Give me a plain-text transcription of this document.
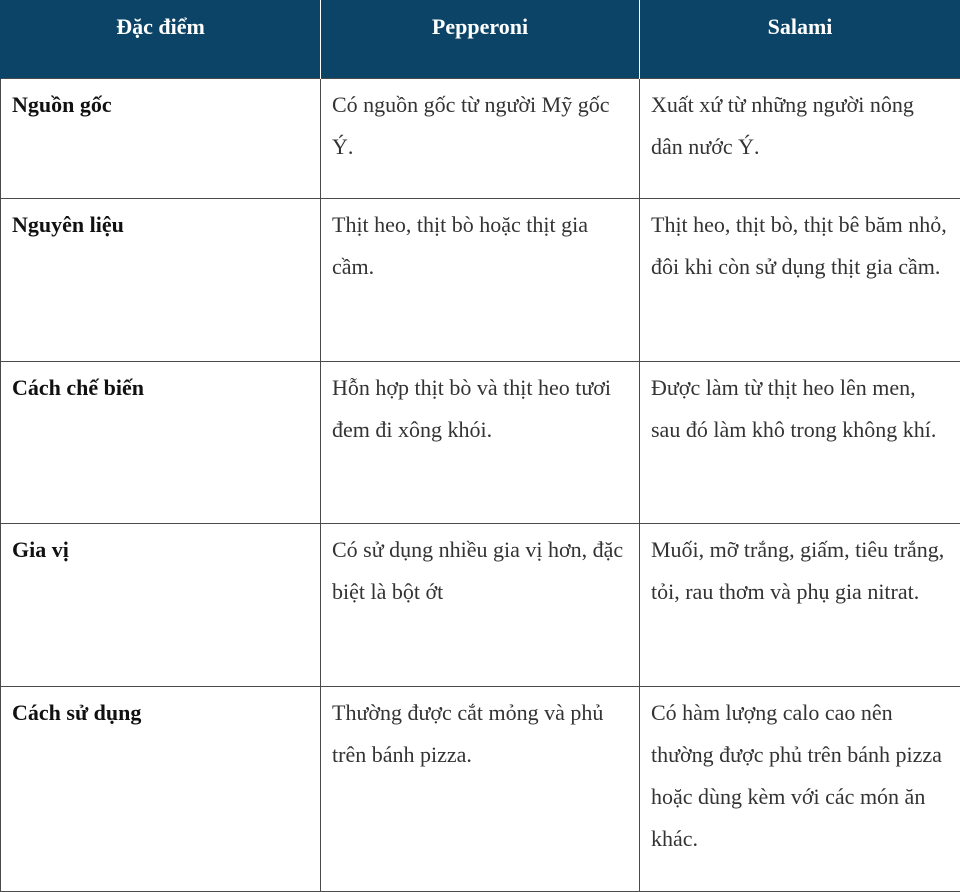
Đặc điểm	Pepperoni	Salami
Nguồn gốc	Có nguồn gốc từ người Mỹ gốc Ý.	Xuất xứ từ những người nông dân nước Ý.
Nguyên liệu	Thịt heo, thịt bò hoặc thịt gia cầm.	Thịt heo, thịt bò, thịt bê băm nhỏ, đôi khi còn sử dụng thịt gia cầm.
Cách chế biến	Hỗn hợp thịt bò và thịt heo tươi đem đi xông khói.	Được làm từ thịt heo lên men, sau đó làm khô trong không khí.
Gia vị	Có sử dụng nhiều gia vị hơn, đặc biệt là bột ớt	Muối, mỡ trắng, giấm, tiêu trắng, tỏi, rau thơm và phụ gia nitrat.
Cách sử dụng	Thường được cắt mỏng và phủ trên bánh pizza.	Có hàm lượng calo cao nên thường được phủ trên bánh pizza hoặc dùng kèm với các món ăn khác.
